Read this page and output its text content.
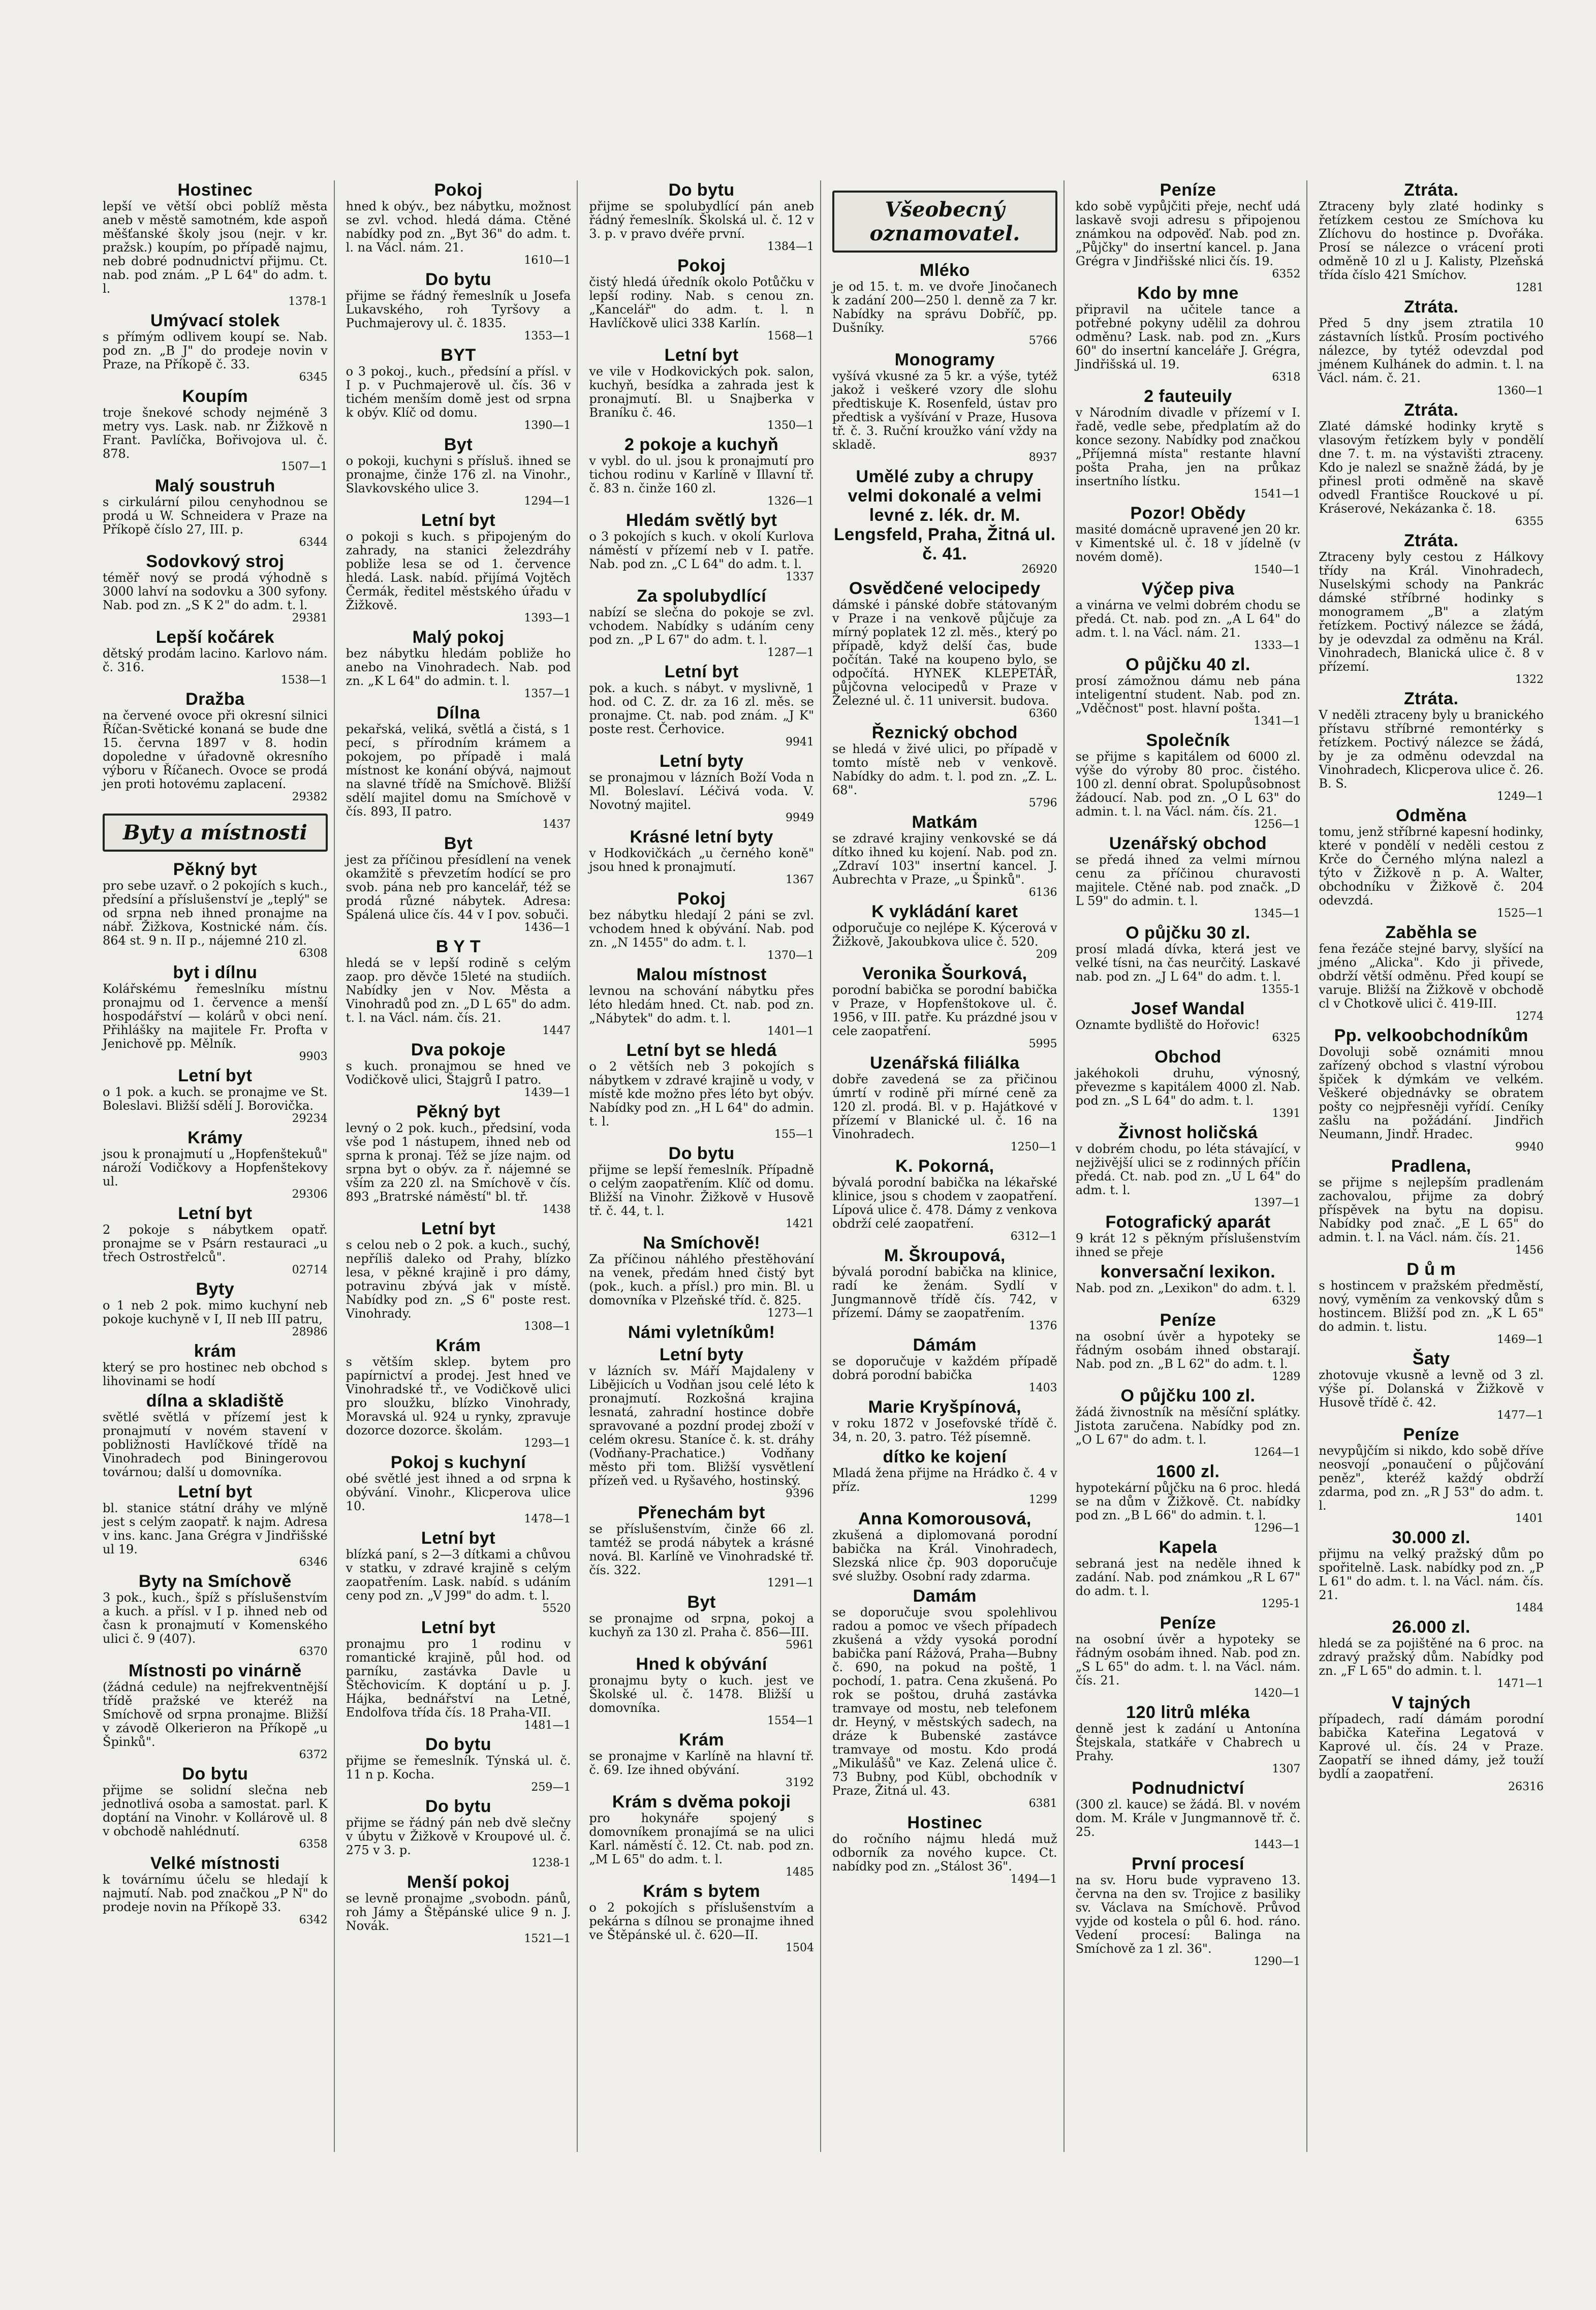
Hostinec
lepší ve větší obci poblíž města aneb v městě samotném, kde aspoň měšťanské školy jsou (nejr. v kr. pražsk.) koupím, po případě najmu, neb dobré podnudnictví přijmu. Ct. nab. pod znám. „P L 64" do adm. t. l.
1378-1
Umývací stolek
s přímým odlivem koupí se. Nab. pod zn. „B J" do prodeje novin v Praze, na Příkopě č. 33.
6345
Koupím
troje šnekové schody nejméně 3 metry vys. Lask. nab. nr Žižkově n Frant. Pavlíčka, Bořivojova ul. č. 878.
1507—1
Malý soustruh
s cirkulární pilou cenyhodnou se prodá u W. Schneidera v Praze na Příkopě číslo 27, III. p.
6344
Sodovkový stroj
téměř nový se prodá výhodně s 3000 lahví na sodovku a 300 syfony. Nab. pod zn. „S K 2" do adm. t. l.
29381
Lepší kočárek
dětský prodám lacino. Karlovo nám. č. 316.
1538—1
Dražba
na červené ovoce při okresní silnici Říčan-Světické konaná se bude dne 15. června 1897 v 8. hodin dopoledne v úřadovně okresního výboru v Říčanech. Ovoce se prodá jen proti hotovému zaplacení.
29382
Byty a místnosti
Pěkný byt
pro sebe uzavř. o 2 pokojích s kuch., předsíní a příslušenství je „teplý" se od srpna neb ihned pronajme na nábř. Žižkova, Kostnické nám. čís. 864 st. 9 n. II p., nájemné 210 zl.
6308
byt i dílnu
Kolářskému řemeslníku místnu pronajmu od 1. července a menší hospodářství — kolárů v obci není. Přihlášky na majitele Fr. Profta v Jenichově pp. Mělník.
9903
Letní byt
o 1 pok. a kuch. se pronajme ve St. Boleslavi. Bližší sdělí J. Borovička.
29234
Krámy
jsou k pronajmutí u „Hopfenštekuů" nároží Vodičkovy a Hopfenštekovy ul.
29306
Letní byt
2 pokoje s nábytkem opatř. pronajme se v Psárn restauraci „u třech Ostrostřelců".
02714
Byty
o 1 neb 2 pok. mimo kuchyní neb pokoje kuchyně v I, II neb III patru,
28986
krám
který se pro hostinec neb obchod s lihovinami se hodí
dílna a skladiště
světlé světlá v přízemí jest k pronajmutí v novém stavení v pobližnosti Havlíčkové třídě na Vinohradech pod Biningerovou továrnou; další u domovníka.
Letní byt
bl. stanice státní dráhy ve mlýně jest s celým zaopatř. k najm. Adresa v ins. kanc. Jana Grégra v Jindřišské ul 19.
6346
Byty na Smíchově
3 pok., kuch., špíž s příslušenstvím a kuch. a přísl. v I p. ihned neb od časn k pronajmutí v Komenského ulici č. 9 (407).
6370
Místnosti po vinárně
(žádná cedule) na nejfrekventnější třídě pražské ve kteréž na Smíchově od srpna pronajme. Bližší v závodě Olkerieron na Příkopě „u Špinků".
6372
Do bytu
přijme se solidní slečna neb jednotlivá osoba a samostat. parl. K doptání na Vinohr. v Kollárově ul. 8 v obchodě nahlédnutí.
6358
Velké místnosti
k továrnímu účelu se hledají k najmutí. Nab. pod značkou „P N" do prodeje novin na Příkopě 33.
6342
Pokoj
hned k obýv., bez nábytku, možnost se zvl. vchod. hledá dáma. Ctěné nabídky pod zn. „Byt 36" do adm. t. l. na Václ. nám. 21.
1610—1
Do bytu
přijme se řádný řemeslník u Josefa Lukavského, roh Tyršovy a Puchmajerovy ul. č. 1835.
1353—1
BYT
o 3 pokoj., kuch., předsíní a přísl. v I p. v Puchmajerově ul. čís. 36 v tichém menším domě jest od srpna k obýv. Klíč od domu.
1390—1
Byt
o pokoji, kuchyni s přísluš. ihned se pronajme, činže 176 zl. na Vinohr., Slavkovského ulice 3.
1294—1
Letní byt
o pokoji s kuch. s připojeným do zahrady, na stanici železdráhy pobliže lesa se od 1. července hledá. Lask. nabíd. přijímá Vojtěch Čermák, ředitel městského úřadu v Žižkově.
1393—1
Malý pokoj
bez nábytku hledám pobliže ho anebo na Vinohradech. Nab. pod zn. „K L 64" do admin. t. l.
1357—1
Dílna
pekařská, veliká, světlá a čistá, s 1 pecí, s přírodním krámem a pokojem, po případě i malá místnost ke konání obývá, najmout na slavné třídě na Smíchově. Bližší sdělí majitel domu na Smíchově v čís. 893, II patro.
1437
Byt
jest za příčinou přesídlení na venek okamžitě s převzetím hodící se pro svob. pána neb pro kancelář, též se prodá různé nábytek. Adresa: Spálená ulice čís. 44 v I pov. sobuči.
1436—1
B Y T
hledá se v lepší rodině s celým zaop. pro děvče 15leté na studiích. Nabídky jen v Nov. Města a Vinohradů pod zn. „D L 65" do adm. t. l. na Václ. nám. čís. 21.
1447
Dva pokoje
s kuch. pronajmou se hned ve Vodičkově ulici, Štajgrů I patro.
1439—1
Pěkný byt
levný o 2 pok. kuch., předsiní, voda vše pod 1 nástupem, ihned neb od sprna k pronaj. Též se jíze najm. od srpna byt o obýv. za ř. nájemné se vším za 220 zl. na Smíchově v čís. 893 „Bratrské náměstí" bl. tř.
1438
Letní byt
s celou neb o 2 pok. a kuch., suchý, nepříliš daleko od Prahy, blízko lesa, v pěkné krajině i pro dámy, potravinu zbývá jak v místě. Nabídky pod zn. „S 6" poste rest. Vinohrady.
1308—1
Krám
s větším sklep. bytem pro papírnictví a prodej. Jest hned ve Vinohradské tř., ve Vodičkově ulici pro sloužku, blízko Vinohrady, Moravská ul. 924 u rynky, zpravuje dozorce dozorce. školám.
1293—1
Pokoj s kuchyní
obé světlé jest ihned a od srpna k obývání. Vinohr., Klicperova ulice 10.
1478—1
Letní byt
blízká paní, s 2—3 dítkami a chůvou v statku, v zdravé krajině s celým zaopatřením. Lask. nabíd. s udáním ceny pod zn. „V J99" do adm. t. l.
5520
Letní byt
pronajmu pro 1 rodinu v romantické krajině, půl hod. od parníku, zastávka Davle u Štěchovicím. K doptání u p. J. Hájka, bednářství na Letné, Endolfova třída čís. 18 Praha-VII.
1481—1
Do bytu
přijme se řemeslník. Týnská ul. č. 11 n p. Kocha.
259—1
Do bytu
přijme se řádný pán neb dvě slečny v úbytu v Žižkově v Kroupové ul. č. 275 v 3. p.
1238-1
Menší pokoj
se levně pronajme „svobodn. pánů, roh Jámy a Štěpánské ulice 9 n. J. Novák.
1521—1
Do bytu
přijme se spolubydlící pán aneb řádný řemeslník. Školská ul. č. 12 v 3. p. v pravo dvéře první.
1384—1
Pokoj
čistý hledá úředník okolo Potůčku v lepší rodiny. Nab. s cenou zn. „Kancelář" do adm. t. l. n Havlíčkově ulici 338 Karlín.
1568—1
Letní byt
ve vile v Hodkovických pok. salon, kuchyň, besídka a zahrada jest k pronajmutí. Bl. u Snajberka v Braníku č. 46.
1350—1
2 pokoje a kuchyň
v vybl. do ul. jsou k pronajmutí pro tichou rodinu v Karlíně v Illavní tř. č. 83 n. činže 160 zl.
1326—1
Hledám světlý byt
o 3 pokojích s kuch. v okolí Kurlova náměstí v přízemí neb v I. patře. Nab. pod zn. „C L 64" do adm. t. l.
1337
Za spolubydlící
nabízí se slečna do pokoje se zvl. vchodem. Nabídky s udáním ceny pod zn. „P L 67" do adm. t. l.
1287—1
Letní byt
pok. a kuch. s nábyt. v myslivně, 1 hod. od C. Z. dr. za 16 zl. měs. se pronajme. Ct. nab. pod znám. „J K" poste rest. Čerhovice.
9941
Letní byty
se pronajmou v lázních Boží Voda n Ml. Boleslaví. Léčivá voda. V. Novotný majitel.
9949
Krásné letní byty
v Hodkovičkách „u černého koně" jsou hned k pronajmutí.
1367
Pokoj
bez nábytku hledají 2 páni se zvl. vchodem hned k obývání. Nab. pod zn. „N 1455" do adm. t. l.
1370—1
Malou místnost
levnou na schování nábytku přes léto hledám hned. Ct. nab. pod zn. „Nábytek" do adm. t. l.
1401—1
Letní byt se hledá
o 2 větších neb 3 pokojích s nábytkem v zdravé krajině u vody, v místě kde možno přes léto byt obýv. Nabídky pod zn. „H L 64" do admin. t. l.
155—1
Do bytu
přijme se lepší řemeslník. Případně o celým zaopatřením. Klíč od domu. Bližší na Vinohr. Žižkově v Husově tř. č. 44, t. l.
1421
Na Smíchově!
Za příčinou náhlého přestěhování na venek, předám hned čistý byt (pok., kuch. a přísl.) pro min. Bl. u domovníka v Plzeňské tříd. č. 825.
1273—1
Námi vyletníkům!
Letní byty
v lázních sv. Máří Majdaleny v Libějicích u Vodňan jsou celé léto k pronajmutí. Rozkošná krajina lesnatá, zahradní hostince dobře spravované a pozdní prodej zboží v celém okresu. Staníce č. k. st. dráhy (Vodňany-Prachatice.) Vodňany město při tom. Bližší vysvětlení přízeň ved. u Ryšavého, hostinský.
9396
Přenechám byt
se příslušenstvím, činže 66 zl. tamtéž se prodá nábytek a krásné nová. Bl. Karlíně ve Vinohradské tř. čís. 322.
1291—1
Byt
se pronajme od srpna, pokoj a kuchyň za 130 zl. Praha č. 856—III.
5961
Hned k obývání
pronajmu byty o kuch. jest ve Školské ul. č. 1478. Bližší u domovníka.
1554—1
Krám
se pronajme v Karlíně na hlavní tř. č. 69. Ize ihned obývání.
3192
Krám s dvěma pokoji
pro hokynáře spojený s domovníkem pronajímá se na ulici Karl. náměstí č. 12. Ct. nab. pod zn. „M L 65" do adm. t. l.
1485
Krám s bytem
o 2 pokojích s příslušenstvím a pekárna s dílnou se pronajme ihned ve Štěpánské ul. č. 620—II.
1504
Všeobecný oznamovatel.
Mléko
je od 15. t. m. ve dvoře Jinočanech k zadání 200—250 l. denně za 7 kr. Nabídky na správu Dobříč, pp. Dušníky.
5766
Monogramy
vyšívá vkusné za 5 kr. a výše, tytéž jakož i veškeré vzory dle slohu předtiskuje K. Rosenfeld, ústav pro předtisk a vyšívání v Praze, Husova tř. č. 3. Ruční kroužko vání vždy na skladě.
8937
Umělé zuby a chrupy velmi dokonalé a velmi levné z. lék. dr. M. Lengsfeld, Praha, Žitná ul. č. 41.
26920
Osvědčené velocipedy
dámské i pánské dobře státovaným v Praze i na venkově půjčuje za mírný poplatek 12 zl. měs., který po případě, když delší čas, bude počítán. Také na koupeno bylo, se odpočítá. HYNEK KLEPETÁŘ, půjčovna velocipedů v Praze v Železné ul. č. 11 universit. budova.
6360
Řeznický obchod
se hledá v živé ulici, po případě v tomto místě neb v venkově. Nabídky do adm. t. l. pod zn. „Z. L. 68".
5796
Matkám
se zdravé krajiny venkovské se dá dítko ihned ku kojení. Nab. pod zn. „Zdraví 103" insertní kancel. J. Aubrechta v Praze, „u Špinků".
6136
K vykládání karet
odporučuje co nejlépe K. Kýcerová v Žižkově, Jakoubkova ulice č. 520.
209
Veronika Šourková,
porodní babička se porodní babička v Praze, v Hopfenštokove ul. č. 1956, v III. patře. Ku prázdné jsou v cele zaopatření.
5995
Uzenářská filiálka
dobře zavedená se za přičinou úmrtí v rodině při mírné ceně za 120 zl. prodá. Bl. v p. Hajátkové v přízemí v Blanické ul. č. 16 na Vinohradech.
1250—1
K. Pokorná,
bývalá porodní babička na lékařské klinice, jsou s chodem v zaopatření. Lípová ulice č. 478. Dámy z venkova obdrží celé zaopatření.
6312—1
M. Škroupová,
bývalá porodní babička na klinice, radí ke ženám. Sydlí v Jungmannově třídě čís. 742, v přízemí. Dámy se zaopatřením.
1376
Dámám
se doporučuje v každém případě dobrá porodní babička
1403
Marie Kryšpínová,
v roku 1872 v Josefovské třídě č. 34, n. 20, 3. patro. Též písemně.
dítko ke kojení
Mladá žena přijme na Hrádko č. 4 v příz.
1299
Anna Komorousová,
zkušená a diplomovaná porodní babička na Král. Vinohradech, Slezská nlice čp. 903 doporučuje své služby. Osobní rady zdarma.
Damám
se doporučuje svou spolehlivou radou a pomoc ve všech případech zkušená a vždy vysoká porodní babička paní Rážová, Praha—Bubny č. 690, na pokud na poště, 1 pochodí, 1. patra. Cena zkušená. Po rok se poštou, druhá zastávka tramvaye od mostu, neb telefonem dr. Heyný, v městských sadech, na dráze k Bubenské zastávce tramvaye od mostu. Kdo prodá „Mikulášů" ve Kaz. Zelená ulice č. 73 Bubny, pod Kübl, obchodník v Praze, Žitná ul. 43.
6381
Hostinec
do ročního nájmu hledá muž odborník za nového kupce. Ct. nabídky pod zn. „Stálost 36".
1494—1
Peníze
kdo sobě vypůjčiti přeje, nechť udá laskavě svoji adresu s připojenou známkou na odpověď. Nab. pod zn. „Půjčky" do insertní kancel. p. Jana Grégra v Jindřišské nlici čís. 19.
6352
Kdo by mne
připravil na učitele tance a potřebné pokyny udělil za dohrou odměnu? Lask. nab. pod zn. „Kurs 60" do insertní kanceláře J. Grégra, Jindřišská ul. 19.
6318
2 fauteuily
v Národním divadle v přízemí v I. řadě, vedle sebe, předplatím až do konce sezony. Nabídky pod značkou „Příjemná místa" restante hlavní pošta Praha, jen na průkaz insertního lístku.
1541—1
Pozor! Obědy
masité domácně upravené jen 20 kr. v Kimentské ul. č. 18 v jídelně (v novém domě).
1540—1
Výčep piva
a vinárna ve velmi dobrém chodu se předá. Ct. nab. pod zn. „A L 64" do adm. t. l. na Václ. nám. 21.
1333—1
O půjčku 40 zl.
prosí zámožnou dámu neb pána inteligentní student. Nab. pod zn. „Vděčnost" post. hlavní pošta.
1341—1
Společník
se přijme s kapitálem od 6000 zl. výše do výroby 80 proc. čistého. 100 zl. denní obrat. Spolupůsobnost žádoucí. Nab. pod zn. „O L 63" do admin. t. l. na Václ. nám. čís. 21.
1256—1
Uzenářský obchod
se předá ihned za velmi mírnou cenu za příčinou churavosti majitele. Ctěné nab. pod značk. „D L 59" do admin. t. l.
1345—1
O půjčku 30 zl.
prosí mladá dívka, která jest ve velké tísni, na čas neurčitý. Laskavé nab. pod zn. „J L 64" do adm. t. l.
1355-1
Josef Wandal
Oznamte bydliště do Hořovic!
6325
Obchod
jakéhokoli druhu, výnosný, převezme s kapitálem 4000 zl. Nab. pod zn. „S L 64" do adm. t. l.
1391
Živnost holičská
v dobrém chodu, po léta stávající, v nejživější ulici se z rodinných příčin předá. Ct. nab. pod zn. „U L 64" do adm. t. l.
1397—1
Fotografický aparát
9 krát 12 s pěkným příslušenstvím ihned se přeje
konversační lexikon.
Nab. pod zn. „Lexikon" do adm. t. l.
6329
Peníze
na osobní úvěr a hypoteky se řádným osobám ihned obstarají. Nab. pod zn. „B L 62" do adm. t. l.
1289
O půjčku 100 zl.
žádá živnostník na měsíční splátky. Jistota zaručena. Nabídky pod zn. „O L 67" do adm. t. l.
1264—1
1600 zl.
hypotekární půjčku na 6 proc. hledá se na dům v Žižkově. Ct. nabídky pod zn. „B L 66" do admin. t. l.
1296—1
Kapela
sebraná jest na neděle ihned k zadání. Nab. pod známkou „R L 67" do adm. t. l.
1295-1
Peníze
na osobní úvěr a hypoteky se řádným osobám ihned. Nab. pod zn. „S L 65" do adm. t. l. na Václ. nám. čís. 21.
1420—1
120 litrů mléka
denně jest k zadání u Antonína Štejskala, statkáře v Chabrech u Prahy.
1307
Podnudnictví
(300 zl. kauce) se žádá. Bl. v novém dom. M. Krále v Jungmannově tř. č. 25.
1443—1
První procesí
na sv. Horu bude vypraveno 13. června na den sv. Trojice z basiliky sv. Václava na Smíchově. Průvod vyjde od kostela o půl 6. hod. ráno. Vedení procesí: Balinga na Smíchově za 1 zl. 36".
1290—1
Ztráta.
Ztraceny byly zlaté hodinky s řetízkem cestou ze Smíchova ku Zlíchovu do hostince p. Dvořáka. Prosí se nálezce o vrácení proti odměně 10 zl u J. Kalisty, Plzeňská třída číslo 421 Smíchov.
1281
Ztráta.
Před 5 dny jsem ztratila 10 zástavních lístků. Prosím poctivého nálezce, by tytéž odevzdal pod jménem Kulhánek do admin. t. l. na Václ. nám. č. 21.
1360—1
Ztráta.
Zlaté dámské hodinky krytě s vlasovým řetízkem byly v pondělí dne 7. t. m. na výstavišti ztraceny. Kdo je nalezl se snažně žádá, by je přinesl proti odměně na skavě odvedl Františce Rouckové u pí. Kráserové, Nekázanka č. 18.
6355
Ztráta.
Ztraceny byly cestou z Hálkovy třídy na Král. Vinohradech, Nuselskými schody na Pankrác dámské stříbrné hodinky s monogramem „B" a zlatým řetízkem. Poctivý nálezce se žádá, by je odevzdal za odměnu na Král. Vinohradech, Blanická ulice č. 8 v přízemí.
1322
Ztráta.
V neděli ztraceny byly u branického přístavu stříbrné remontérky s řetízkem. Poctivý nálezce se žádá, by je za odměnu odevzdal na Vinohradech, Klicperova ulice č. 26. B. S.
1249—1
Odměna
tomu, jenž stříbrné kapesní hodinky, které v pondělí v neděli cestou z Krče do Černého mlýna nalezl a týto v Žižkově n p. A. Walter, obchodníku v Žižkově č. 204 odevzdá.
1525—1
Zaběhla se
fena řezáče stejné barvy, slyšící na jméno „Alicka". Kdo ji přivede, obdrží větší odměnu. Před koupí se varuje. Bližší na Žižkově v obchodě cl v Chotkově ulici č. 419-III.
1274
Pp. velkoobchodníkům
Dovoluji sobě oznámiti mnou zařízený obchod s vlastní výrobou špiček k dýmkám ve velkém. Veškeré objednávky se obratem pošty co nejpřesněji vyřídí. Ceníky zašlu na požádání. Jindřich Neumann, Jindř. Hradec.
9940
Pradlena,
se přijme s nejlepším pradlenám zachovalou, přijme za dobrý příspěvek na bytu na dopisu. Nabídky pod znač. „E L 65" do admin. t. l. na Václ. nám. čís. 21.
1456
D ů m
s hostincem v pražském předměstí, nový, vyměním za venkovský dům s hostincem. Bližší pod zn. „K L 65" do admin. t. listu.
1469—1
Šaty
zhotovuje vkusně a levně od 3 zl. výše pí. Dolanská v Žižkově v Husově třídě č. 42.
1477—1
Peníze
nevypůjčím si nikdo, kdo sobě dříve neosvojí „ponaučení o půjčování peněz", kteréž každý obdrží zdarma, pod zn. „R J 53" do adm. t. l.
1401
30.000 zl.
přijmu na velký pražský dům po spořitelně. Lask. nabídky pod zn. „P L 61" do adm. t. l. na Václ. nám. čís. 21.
1484
26.000 zl.
hledá se za pojištěné na 6 proc. na zdravý pražský dům. Nabídky pod zn. „F L 65" do admin. t. l.
1471—1
V tajných
případech, radí dámám porodní babička Kateřina Legatová v Kaprové ul. čís. 24 v Praze. Zaopatří se ihned dámy, jež touží bydlí a zaopatření.
26316
